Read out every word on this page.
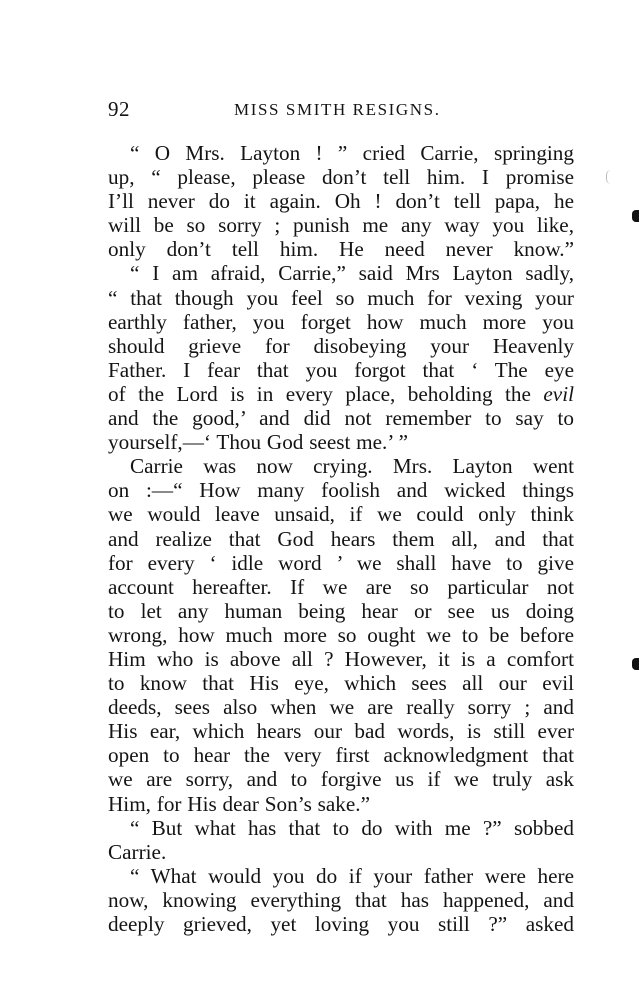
92	MISS SMITH RESIGNS.

“ O Mrs. Layton ! ” cried Carrie, springing
up, “ please, please don’t tell him. I promise
I’ll never do it again. Oh ! don’t tell papa, he
will be so sorry ; punish me any way you like,
only don’t tell him. He need never know.”

“ I am afraid, Carrie,” said Mrs Layton sadly,
“ that though you feel so much for vexing your
earthly father, you forget how much more you
should grieve for disobeying your Heavenly
Father. I fear that you forgot that ‘ The eye
of the Lord is in every place, beholding the evil
and the good,’ and did not remember to say to
yourself,—‘ Thou God seest me.’ ”

Carrie was now crying. Mrs. Layton went
on :—“ How many foolish and wicked things
we would leave unsaid, if we could only think
and realize that God hears them all, and that
for every ‘ idle word ’ we shall have to give
account hereafter. If we are so particular not
to let any human being hear or see us doing
wrong, how much more so ought we to be before
Him who is above all ? However, it is a comfort
to know that His eye, which sees all our evil
deeds, sees also when we are really sorry ; and
His ear, which hears our bad words, is still ever
open to hear the very first acknowledgment that
we are sorry, and to forgive us if we truly ask
Him, for His dear Son’s sake.”

“ But what has that to do with me ?” sobbed
Carrie.

“ What would you do if your father were here
now, knowing everything that has happened, and
deeply grieved, yet loving you still ?” asked
